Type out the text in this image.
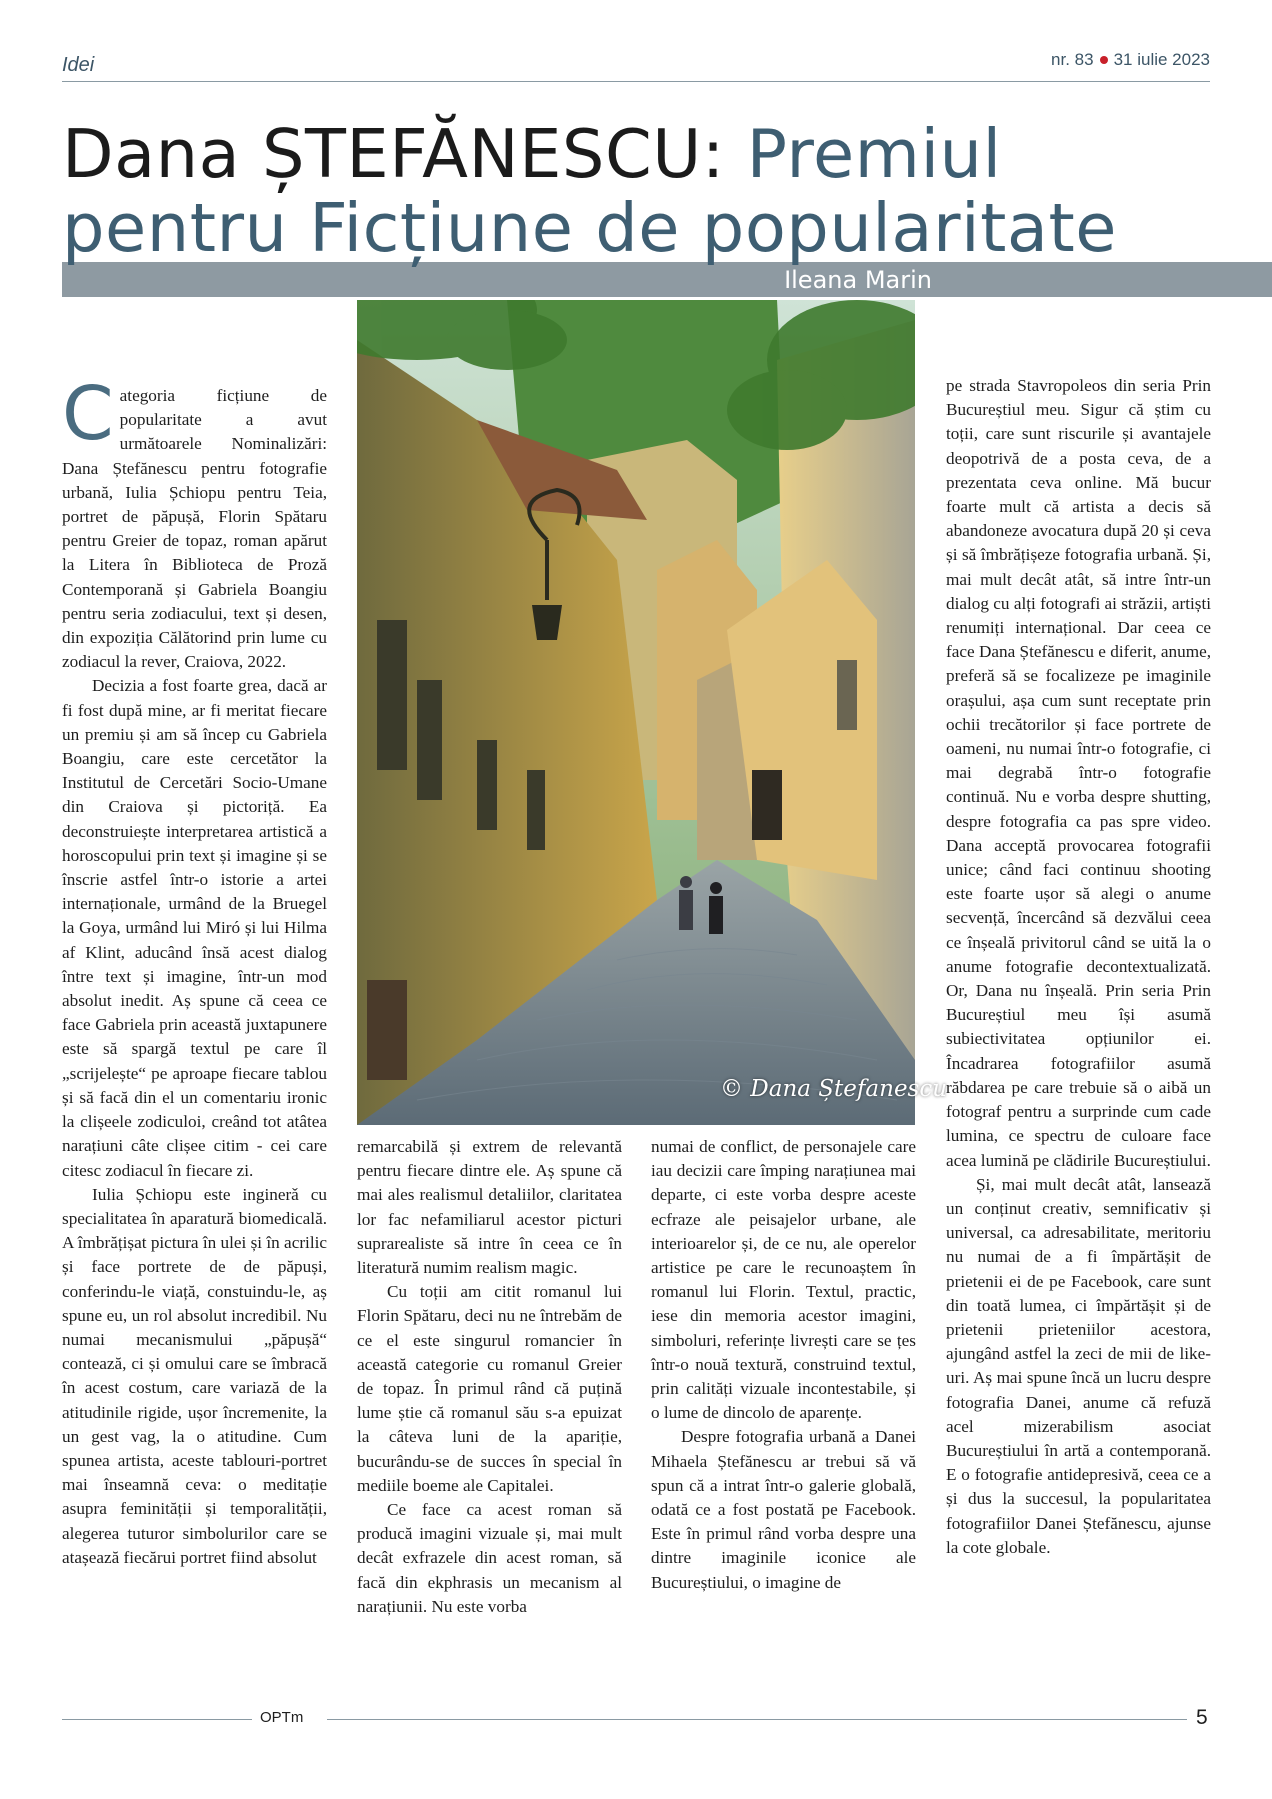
Idei	nr. 83 31 iulie 2023
Dana ȘTEFĂNESCU: Premiul pentru Ficțiune de popularitate
Ileana Marin
© Dana Ștefanescu

Categoria ficțiune de popularitate a avut următoarele Nominalizări: Dana Ștefănescu pentru fotografie urbană, Iulia Șchiopu pentru Teia, portret de păpușă, Florin Spătaru pentru Greier de topaz, roman apărut la Litera în Biblioteca de Proză Contemporană și Gabriela Boangiu pentru seria zodiacului, text și desen, din expoziția Călătorind prin lume cu zodiacul la rever, Craiova, 2022.

Decizia a fost foarte grea, dacă ar fi fost după mine, ar fi meritat fiecare un premiu și am să încep cu Gabriela Boangiu, care este cercetător la Institutul de Cercetări Socio-Umane din Craiova și pictoriță. Ea deconstruiește interpretarea artistică a horoscopului prin text și imagine și se înscrie astfel într-o istorie a artei internaționale, urmând de la Bruegel la Goya, urmând lui Miró și lui Hilma af Klint, aducând însă acest dialog între text și imagine, într-un mod absolut inedit. Aș spune că ceea ce face Gabriela prin această juxtapunere este să spargă textul pe care îl „scrijelește“ pe aproape fiecare tablou și să facă din el un comentariu ironic la clișeele zodiculoi, creând tot atâtea narațiuni câte clișee citim - cei care citesc zodiacul în fiecare zi.

Iulia Șchiopu este inginerǎ cu specialitatea în aparatură biomedicală. A îmbrățișat pictura în ulei și în acrilic și face portrete de de păpuși, conferindu-le viață, constuindu-le, aș spune eu, un rol absolut incredibil. Nu numai mecanismului „păpușă“ contează, ci și omului care se îmbracă în acest costum, care variază de la atitudinile rigide, ușor încremenite, la un gest vag, la o atitudine. Cum spunea artista, aceste tablouri-portret mai înseamnă ceva: o meditație asupra feminității și temporalității, alegerea tuturor simbolurilor care se atașează fiecărui portret fiind absolut

remarcabilă și extrem de relevantă pentru fiecare dintre ele. Aș spune că mai ales realismul detaliilor, claritatea lor fac nefamiliarul acestor picturi suprarealiste să intre în ceea ce în literatură numim realism magic.

Cu toții am citit romanul lui Florin Spătaru, deci nu ne întrebăm de ce el este singurul romancier în această categorie cu romanul Greier de topaz. În primul rând că puțină lume știe că romanul său s-a epuizat la câteva luni de la apariție, bucurându-se de succes în special în mediile boeme ale Capitalei.

Ce face ca acest roman să producă imagini vizuale și, mai mult decât exfrazele din acest roman, să facă din ekphrasis un mecanism al narațiunii. Nu este vorba

numai de conflict, de personajele care iau decizii care împing narațiunea mai departe, ci este vorba despre aceste ecfraze ale peisajelor urbane, ale interioarelor și, de ce nu, ale operelor artistice pe care le recunoaștem în romanul lui Florin. Textul, practic, iese din memoria acestor imagini, simboluri, referințe livrești care se țes într-o nouă textură, construind textul, prin calități vizuale incontestabile, și o lume de dincolo de aparențe.

Despre fotografia urbană a Danei Mihaela Ștefănescu ar trebui să vă spun că a intrat într-o galerie globală, odată ce a fost postată pe Facebook. Este în primul rând vorba despre una dintre imaginile iconice ale Bucureștiului, o imagine de

pe strada Stavropoleos din seria Prin Bucureștiul meu. Sigur că știm cu toții, care sunt riscurile și avantajele deopotrivă de a posta ceva, de a prezentata ceva online. Mă bucur foarte mult că artista a decis să abandoneze avocatura după 20 și ceva și să îmbrățișeze fotografia urbană. Și, mai mult decât atât, să intre într-un dialog cu alți fotografi ai străzii, artiști renumiți internațional. Dar ceea ce face Dana Ștefănescu e diferit, anume, preferă să se focalizeze pe imaginile orașului, așa cum sunt receptate prin ochii trecătorilor și face portrete de oameni, nu numai într-o fotografie, ci mai degrabă într-o fotografie continuă. Nu e vorba despre shutting, despre fotografia ca pas spre video. Dana acceptă provocarea fotografii unice; când faci continuu shooting este foarte ușor să alegi o anume secvență, încercând să dezvălui ceea ce înșeală privitorul când se uită la o anume fotografie decontextualizată. Or, Dana nu înșeală. Prin seria Prin Bucureștiul meu își asumă subiectivitatea opțiunilor ei. Încadrarea fotografiilor asumă răbdarea pe care trebuie să o aibă un fotograf pentru a surprinde cum cade lumina, ce spectru de culoare face acea lumină pe clădirile Bucureștiului.

Și, mai mult decât atât, lansează un conținut creativ, semnificativ și universal, ca adresabilitate, meritoriu nu numai de a fi împărtășit de prietenii ei de pe Facebook, care sunt din toată lumea, ci împărtășit și de prietenii prieteniilor acestora, ajungând astfel la zeci de mii de like-uri. Aș mai spune încă un lucru despre fotografia Danei, anume că refuză acel mizerabilism asociat Bucureștiului în artă a contemporană. E o fotografie antidepresivă, ceea ce a și dus la succesul, la popularitatea fotografiilor Danei Ștefănescu, ajunse la cote globale.

OPTm	5
